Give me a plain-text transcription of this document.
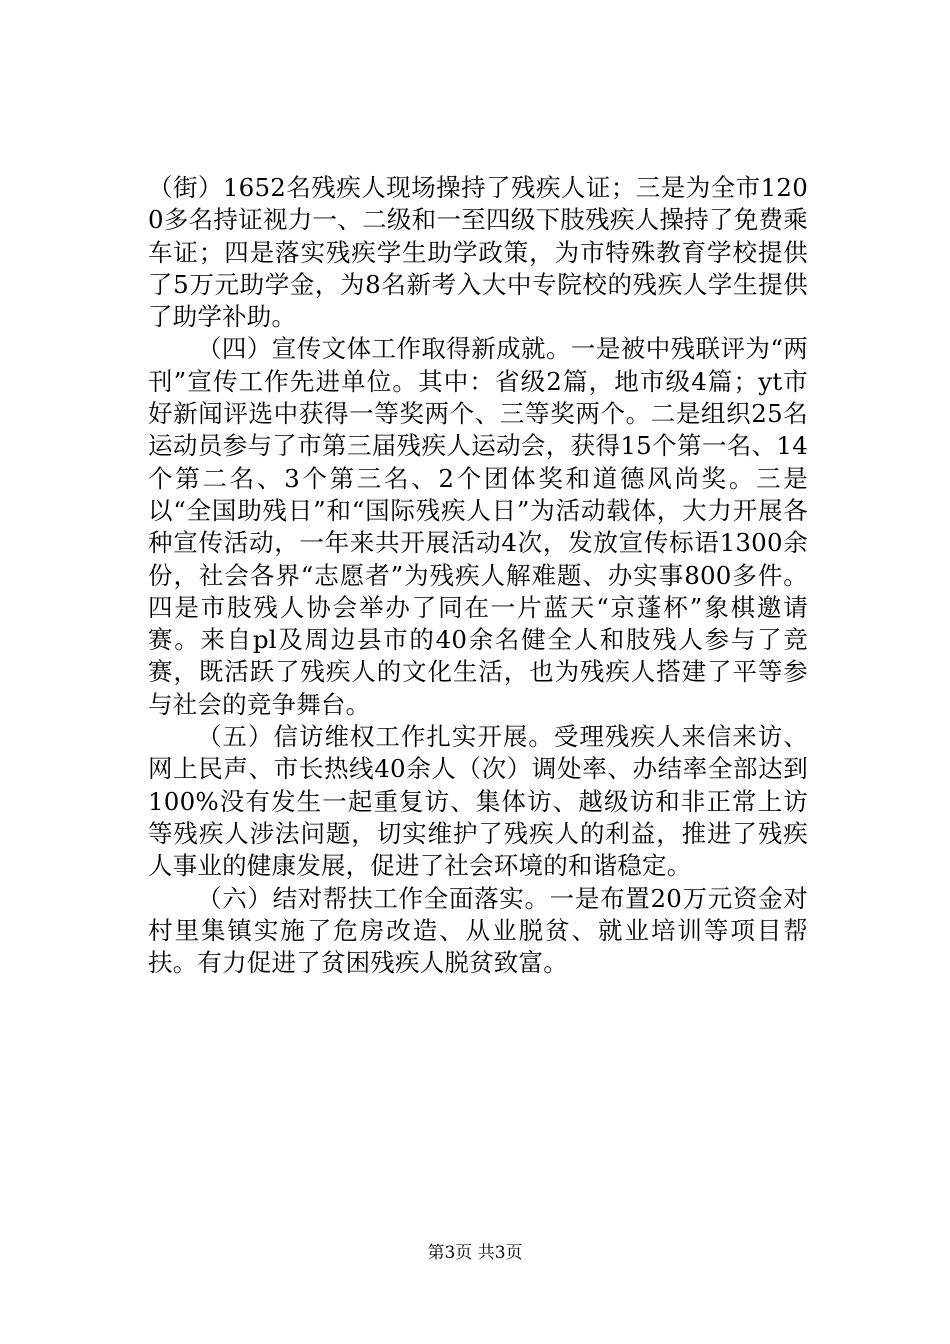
（街）1652名残疾人现场操持了残疾人证；三是为全市1200多名持证视力一、二级和一至四级下肢残疾人操持了免费乘车证；四是落实残疾学生助学政策，为市特殊教育学校提供了5万元助学金，为8名新考入大中专院校的残疾人学生提供了助学补助。

（四）宣传文体工作取得新成就。一是被中残联评为“两刊”宣传工作先进单位。其中：省级2篇，地市级4篇；yt市好新闻评选中获得一等奖两个、三等奖两个。二是组织25名运动员参与了市第三届残疾人运动会，获得15个第一名、14个第二名、3个第三名、2个团体奖和道德风尚奖。三是以“全国助残日”和“国际残疾人日”为活动载体，大力开展各种宣传活动，一年来共开展活动4次，发放宣传标语1300余份，社会各界“志愿者”为残疾人解难题、办实事800多件。四是市肢残人协会举办了同在一片蓝天“京蓬杯”象棋邀请赛。来自pl及周边县市的40余名健全人和肢残人参与了竞赛，既活跃了残疾人的文化生活，也为残疾人搭建了平等参与社会的竞争舞台。

（五）信访维权工作扎实开展。受理残疾人来信来访、网上民声、市长热线40余人（次）调处率、办结率全部达到100%没有发生一起重复访、集体访、越级访和非正常上访等残疾人涉法问题，切实维护了残疾人的利益，推进了残疾人事业的健康发展，促进了社会环境的和谐稳定。

（六）结对帮扶工作全面落实。一是布置20万元资金对村里集镇实施了危房改造、从业脱贫、就业培训等项目帮扶。有力促进了贫困残疾人脱贫致富。

第3页 共3页
